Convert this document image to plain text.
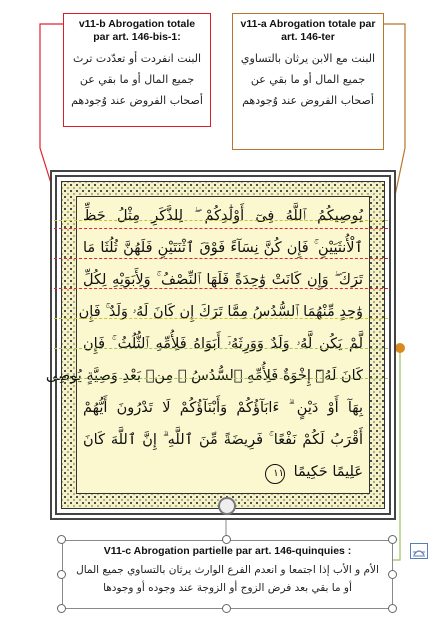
v11-b Abrogation totale par art. 146-bis-1:
البنت انفردت أو تعدّدت ترث جميع المال أو ما بقي عن أصحاب الفروض عند وُجودهم
v11-a Abrogation totale par art. 146-ter
البنت مع الابن يرثان بالتساوي جميع المال أو ما بقي عن أصحاب الفروض عند وُجودهم
يُوصِيكُمُ ٱللَّهُ فِىٓ أَوْلَٰدِكُمْ ۖ لِلذَّكَرِ مِثْلُ حَظِّ
ٱلْأُنثَيَيْنِ ۚ فَإِن كُنَّ نِسَآءً فَوْقَ ٱثْنَتَيْنِ فَلَهُنَّ ثُلُثَا مَا
تَرَكَ ۖ وَإِن كَانَتْ وَٰحِدَةً فَلَهَا ٱلنِّصْفُ ۚ وَلِأَبَوَيْهِ لِكُلِّ
وَٰحِدٍ مِّنْهُمَا ٱلسُّدُسُ مِمَّا تَرَكَ إِن كَانَ لَهُۥ وَلَدٌ ۚ فَإِن
لَّمْ يَكُن لَّهُۥ وَلَدٌ وَوَرِثَهُۥٓ أَبَوَاهُ فَلِأُمِّهِ ٱلثُّلُثُ ۚ فَإِن
كَانَ لَهُۥٓ إِخْوَةٌ فَلِأُمِّهِ ٱلسُّدُسُ ۚ مِنۢ بَعْدِ وَصِيَّةٍ يُوصِى
بِهَآ أَوْ دَيْنٍ ۗ ءَابَآؤُكُمْ وَأَبْنَآؤُكُمْ لَا تَدْرُونَ أَيُّهُمْ
أَقْرَبُ لَكُمْ نَفْعًا ۚ فَرِيضَةً مِّنَ ٱللَّهِ ۗ إِنَّ ٱللَّهَ كَانَ
عَلِيمًا حَكِيمًا ١١
V11-c Abrogation partielle par art. 146-quinquies :
الأم و الأب إذا اجتمعا و انعدم الفرع الوارث يرثان بالتساوي جميع المال أو ما بقي بعد فرض الزوج أو الزوجة عند وجوده أو وجودها
